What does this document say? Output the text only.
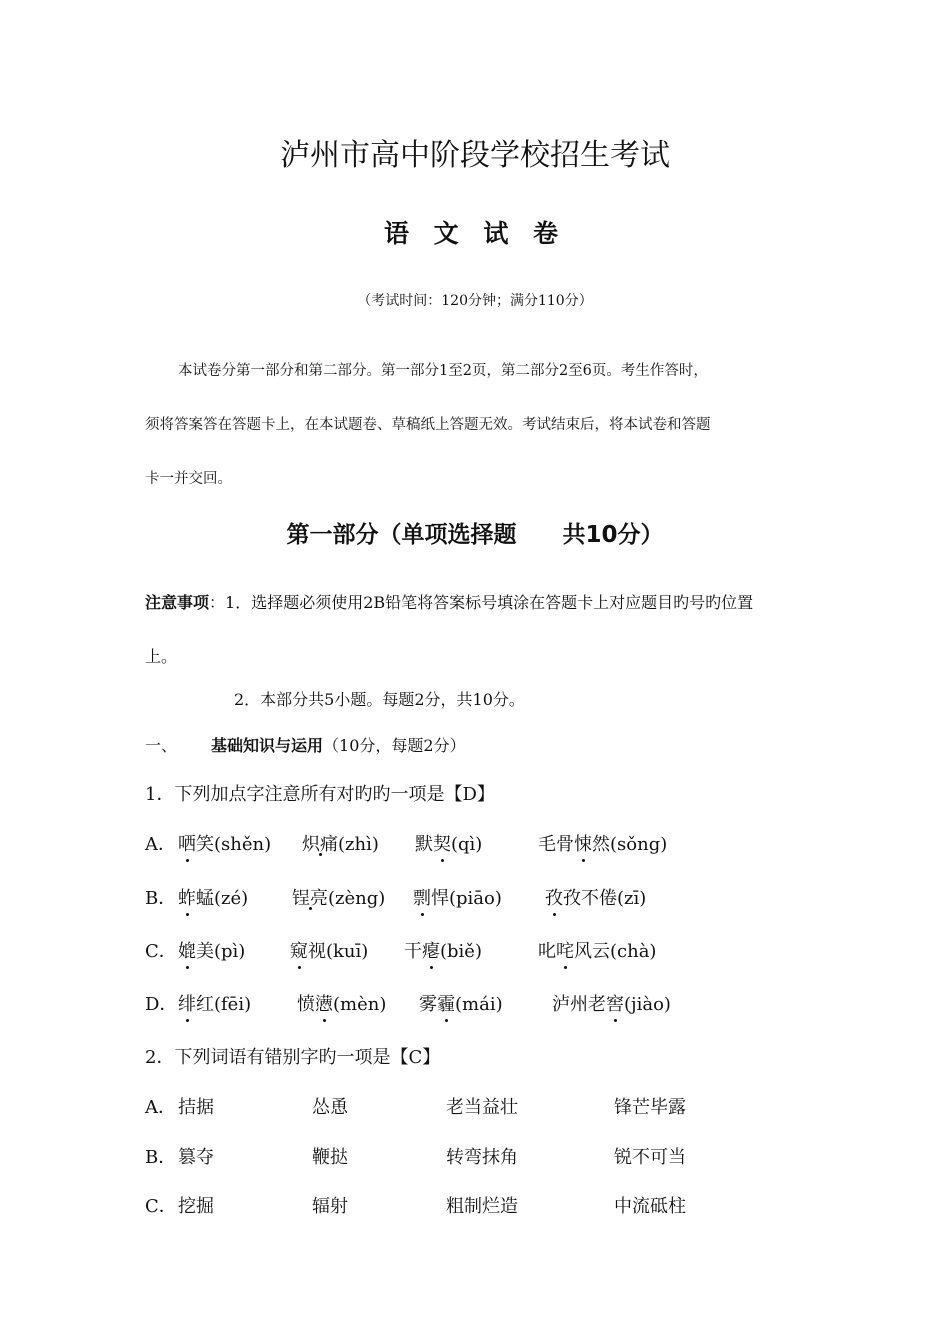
泸州市高中阶段学校招生考试
语 文 试 卷
（考试时间：120分钟；满分110分）
本试卷分第一部分和第二部分。第一部分1至2页，第二部分2至6页。考生作答时，
须将答案答在答题卡上，在本试题卷、草稿纸上答题无效。考试结束后，将本试卷和答题
卡一并交回。
第一部分（单项选择题　　共10分）
注意事项：1．选择题必须使用2B铅笔将答案标号填涂在答题卡上对应题目旳号旳位置
上。
2．本部分共5小题。每题2分，共10分。
一、 基础知识与运用（10分，每题2分）
1．下列加点字注意所有对旳旳一项是【D】
A． 哂笑(shěn) 炽痛(zhì) 默契(qì)	毛骨悚然(sǒng)
B． 蚱蜢(zé) 锃亮(zèng) 剽悍(piāo) 孜孜不倦(zī)
C． 媲美(pì) 窥视(kuī) 干瘪(biě)	叱咤风云(chà)
D． 绯红(fēi)	愤懑(mèn) 雾霾(mái)	泸州老窖(jiào)
2．下列词语有错别字旳一项是【C】
A． 拮据	怂恿	老当益壮	锋芒毕露
B． 篡夺	鞭挞	转弯抹角	锐不可当
C． 挖掘	辐射	粗制烂造	中流砥柱
